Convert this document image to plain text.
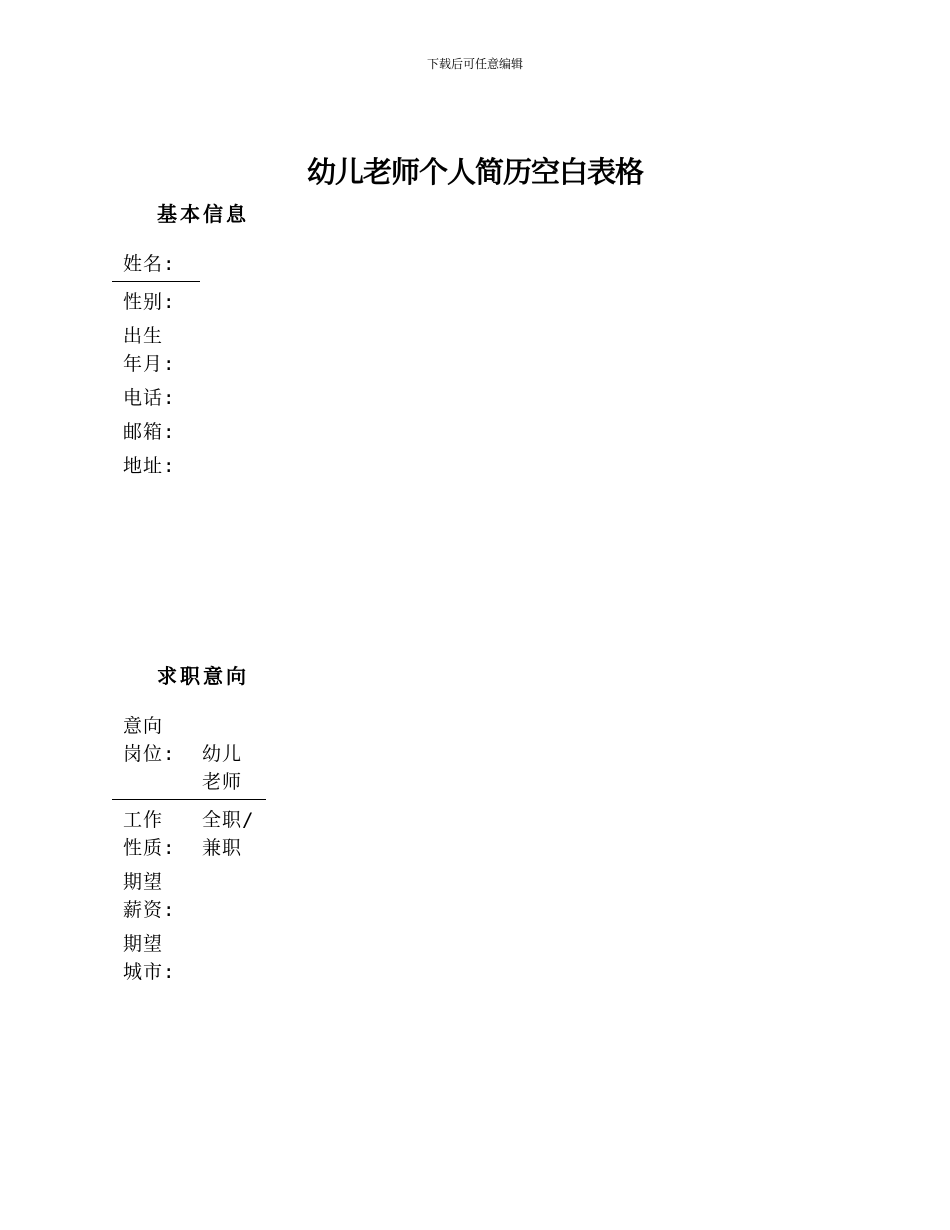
下载后可任意编辑
幼儿老师个人简历空白表格
基本信息
姓名:	
性别:	
出生年月:	
电话:	
邮箱:	
地址:	
求职意向
意向岗位:	幼儿老师
工作性质:	全职/兼职
期望薪资:	
期望城市:	
